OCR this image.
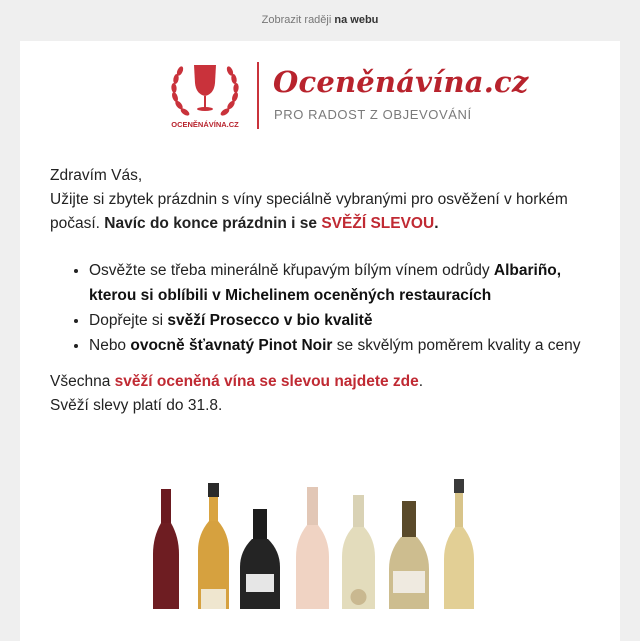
Zobrazit raději na webu
OCENĚNÁVÍNA.CZ
Oceněnávína.cz
PRO RADOST Z OBJEVOVÁNÍ

Zdravím Vás,

Užijte si zbytek prázdnin s víny speciálně vybranými pro osvěžení v horkém počasí. Navíc do konce prázdnin i se SVĚŽÍ SLEVOU.

• Osvěžte se třeba minerálně křupavým bílým vínem odrůdy Albariño, kterou si oblíbili v Michelinem oceněných restauracích
• Dopřejte si svěží Prosecco v bio kvalitě
• Nebo ovocně šťavnatý Pinot Noir se skvělým poměrem kvality a ceny

Všechna svěží oceněná vína se slevou najdete zde.

Svěží slevy platí do 31.8.
